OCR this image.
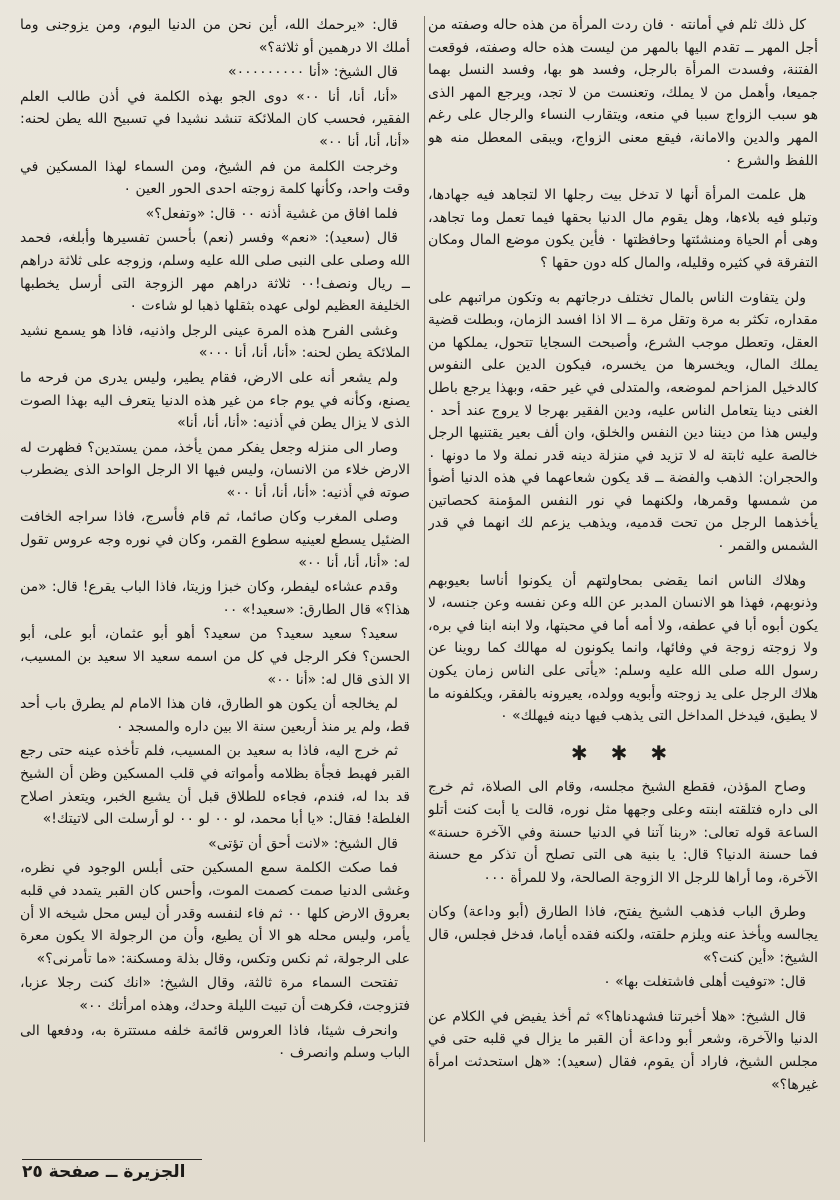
كل ذلك ثلم في أمانته ٠ فان ردت المرأة من هذه حاله وصفته من أجل المهر ــ تقدم اليها بالمهر من ليست هذه حاله وصفته، فوقعت الفتنة، وفسدت المرأة بالرجل، وفسد هو بها، وفسد النسل بهما جميعا، وأهمل من لا يملك، وتعنست من لا تجد، ويرجع المهر الذى هو سبب الزواج سببا في منعه، ويتقارب النساء والرجال على رغم المهر والدين والامانة، فيقع معنى الزواج، ويبقى المعطل منه هو اللفظ والشرع ٠

هل علمت المرأة أنها لا تدخل بيت رجلها الا لتجاهد فيه جهادها، وتبلو فيه بلاءها، وهل يقوم مال الدنيا بحقها فيما تعمل وما تجاهد، وهى أم الحياة ومنشئتها وحافظتها ٠ فأين يكون موضع المال ومكان التفرقة في كثيره وقليله، والمال كله دون حقها ؟

ولن يتفاوت الناس بالمال تختلف درجاتهم به وتكون مراتبهم على مقداره، تكثر به مرة وتقل مرة ــ الا اذا افسد الزمان، وبطلت قضية العقل، وتعطل موجب الشرع، وأصبحت السجايا تتحول، يملكها من يملك المال، ويخسرها من يخسره، فيكون الدين على النفوس كالدخيل المزاحم لموضعه، والمتدلى في غير حقه، وبهذا يرجع باطل الغنى دينا يتعامل الناس عليه، ودين الفقير بهرجا لا يروج عند أحد ٠ وليس هذا من ديننا دين النفس والخلق، وان ألف بعير يقتنيها الرجل خالصة عليه ثابتة له لا تزيد في منزلة دينه قدر نملة ولا ما دونها ٠ والحجران: الذهب والفضة ــ قد يكون شعاعهما في هذه الدنيا أضوأ من شمسها وقمرها، ولكنهما في نور النفس المؤمنة كحصاتين يأخذهما الرجل من تحت قدميه، ويذهب يزعم لك انهما في قدر الشمس والقمر ٠

وهلاك الناس انما يقضى بمحاولتهم أن يكونوا أناسا بعيوبهم وذنوبهم، فهذا هو الانسان المدبر عن الله وعن نفسه وعن جنسه، لا يكون أبوه أبا في عطفه، ولا أمه أما في محبتها، ولا ابنه ابنا في بره، ولا زوجته زوجة في وفائها، وانما يكونون له مهالك كما روينا عن رسول الله صلى الله عليه وسلم: «يأتى على الناس زمان يكون هلاك الرجل على يد زوجته وأبويه وولده، يعيرونه بالفقر، ويكلفونه ما لا يطيق، فيدخل المداخل التى يذهب فيها دينه فيهلك» ٠

✱ ✱ ✱

وصاح المؤذن، فقطع الشيخ مجلسه، وقام الى الصلاة، ثم خرج الى داره فتلقته ابنته وعلى وجهها مثل نوره، قالت يا أبت كنت أتلو الساعة قوله تعالى: «ربنا آتنا في الدنيا حسنة وفي الآخرة حسنة» فما حسنة الدنيا؟ قال: يا بنية هى التى تصلح أن تذكر مع حسنة الآخرة، وما أراها للرجل الا الزوجة الصالحة، ولا للمرأة ٠٠٠

وطرق الباب فذهب الشيخ يفتح، فاذا الطارق (أبو وداعة) وكان يجالسه ويأخذ عنه ويلزم حلقته، ولكنه فقده أياما، فدخل فجلس، قال الشيخ: «أين كنت؟»

قال: «توفيت أهلى فاشتغلت بها» ٠

قال الشيخ: «هلا أخبرتنا فشهدناها؟» ثم أخذ يفيض في الكلام عن الدنيا والآخرة، وشعر أبو وداعة أن القبر ما يزال في قلبه حتى في مجلس الشيخ، فاراد أن يقوم، فقال (سعيد): «هل استحدثت امرأة غيرها؟»

قال: «يرحمك الله، أين نحن من الدنيا اليوم، ومن يزوجنى وما أملك الا درهمين أو ثلاثة؟»

قال الشيخ: «أنا ٠٠٠٠٠٠٠٠٠»

«أنا، أنا، أنا ٠٠» دوى الجو بهذه الكلمة في أذن طالب العلم الفقير، فحسب كان الملائكة تنشد نشيدا في تسبيح الله يطن لحنه: «أنا، أنا، أنا ٠٠»

وخرجت الكلمة من فم الشيخ، ومن السماء لهذا المسكين في وقت واحد، وكأنها كلمة زوجته احدى الحور العين ٠

فلما افاق من غشية أذنه ٠٠ قال: «وتفعل؟»

قال (سعيد): «نعم» وفسر (نعم) بأحسن تفسيرها وأبلغه، فحمد الله وصلى على النبى صلى الله عليه وسلم، وزوجه على ثلاثة دراهم ــ ريال ونصف!٠٠ ثلاثة دراهم مهر الزوجة التى أرسل يخطبها الخليفة العظيم لولى عهده بثقلها ذهبا لو شاءت ٠

وغشى الفرح هذه المرة عينى الرجل واذنيه، فاذا هو يسمع نشيد الملائكة يطن لحنه: «أنا، أنا، أنا ٠٠٠»

ولم يشعر أنه على الارض، فقام يطير، وليس يدرى من فرحه ما يصنع، وكأنه في يوم جاء من غير هذه الدنيا يتعرف اليه بهذا الصوت الذى لا يزال يطن في أذنيه: «أنا، أنا، أنا»

وصار الى منزله وجعل يفكر ممن يأخذ، ممن يستدين؟ فظهرت له الارض خلاء من الانسان، وليس فيها الا الرجل الواحد الذى يضطرب صوته في أذنيه: «أنا، أنا، أنا ٠٠»

وصلى المغرب وكان صائما، ثم قام فأسرج، فاذا سراجه الخافت الضئيل يسطع لعينيه سطوع القمر، وكان في نوره وجه عروس تقول له: «أنا، أنا، أنا ٠٠»

وقدم عشاءه ليفطر، وكان خبزا وزيتا، فاذا الباب يقرع! قال: «من هذا؟» قال الطارق: «سعيد!» ٠٠

سعيد؟ سعيد سعيد؟ من سعيد؟ أهو أبو عثمان، أبو على، أبو الحسن؟ فكر الرجل في كل من اسمه سعيد الا سعيد بن المسيب، الا الذى قال له: «أنا ٠٠»

لم يخالجه أن يكون هو الطارق، فان هذا الامام لم يطرق باب أحد قط، ولم ير منذ أربعين سنة الا بين داره والمسجد ٠

ثم خرج اليه، فاذا به سعيد بن المسيب، فلم تأخذه عينه حتى رجع القبر فهبط فجأة بظلامه وأمواته في قلب المسكين وظن أن الشيخ قد بدا له، فندم، فجاءه للطلاق قبل أن يشيع الخبر، ويتعذر اصلاح الغلطة! فقال: «يا أبا محمد، لو ٠٠ لو ٠٠ لو أرسلت الى لاتيتك!»

قال الشيخ: «لانت أحق أن تؤتى»

فما صكت الكلمة سمع المسكين حتى أبلس الوجود في نظره، وغشى الدنيا صمت كصمت الموت، وأحس كان القبر يتمدد في قلبه بعروق الارض كلها ٠٠ ثم فاء لنفسه وقدر أن ليس محل شيخه الا أن يأمر، وليس محله هو الا أن يطيع، وأن من الرجولة الا يكون معرة على الرجولة، ثم نكس وتكس، وقال بذلة ومسكنة: «ما تأمرنى؟»

تفتحت السماء مرة ثالثة، وقال الشيخ: «انك كنت رجلا عزبا، فتزوجت، فكرهت أن تبيت الليلة وحدك، وهذه امرأتك ٠٠»

وانحرف شيئا، فاذا العروس قائمة خلفه مستترة به، ودفعها الى الباب وسلم وانصرف ٠

الجزيرة ــ صفحة ٢٥
